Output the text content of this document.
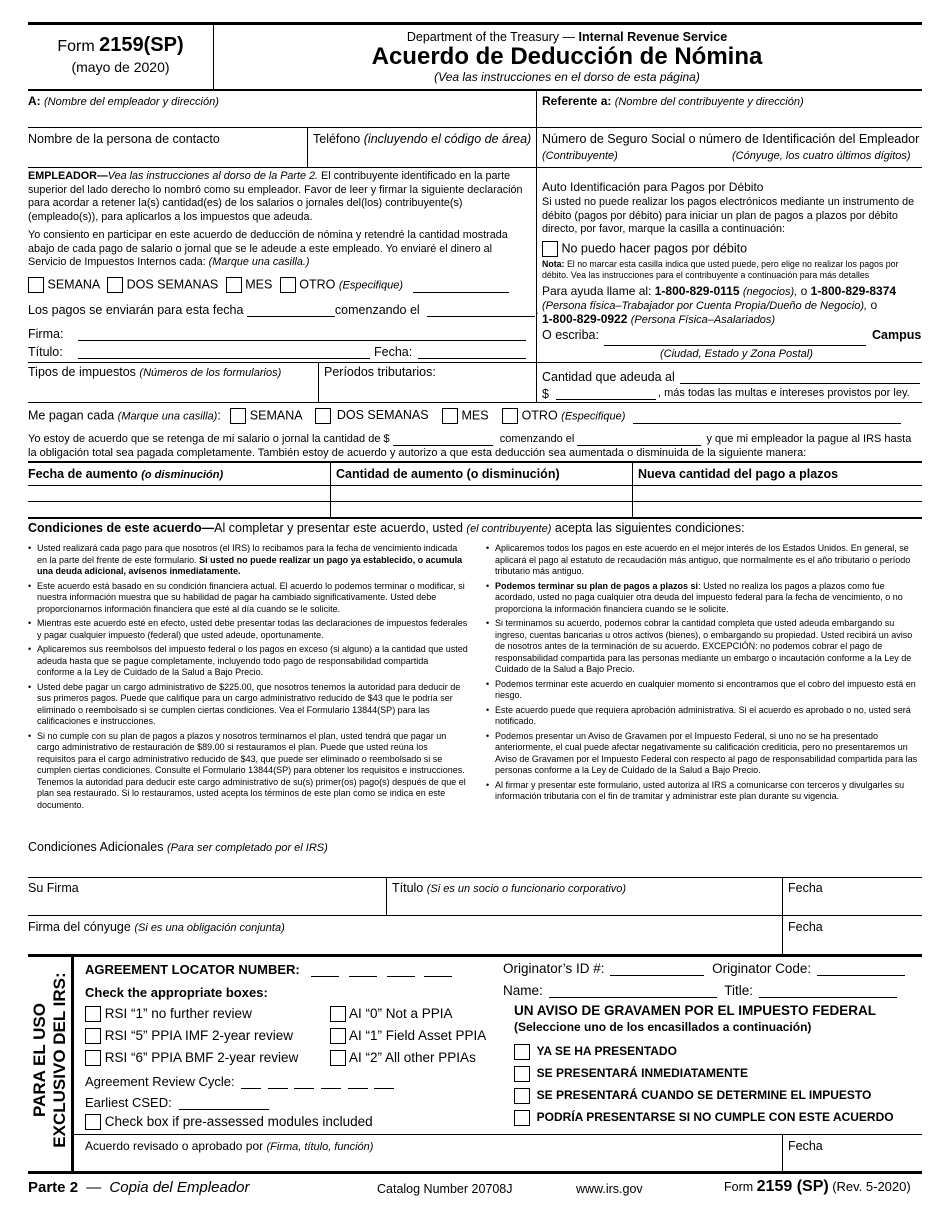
Form 2159(SP)
(mayo de 2020)
Department of the Treasury — Internal Revenue Service
Acuerdo de Deducción de Nómina
(Vea las instrucciones en el dorso de esta página)
A: (Nombre del empleador y dirección)
Nombre de la persona de contacto	Teléfono (incluyendo el código de área)
EMPLEADOR—Vea las instrucciones al dorso de la Parte 2. El contribuyente identificado en la parte superior del lado derecho lo nombró como su empleador. Favor de leer y firmar la siguiente declaración para acordar a retener la(s) cantidad(es) de los salarios o jornales del(los) contribuyente(s) (empleado(s)), para aplicarlos a los impuestos que adeuda.
Yo consiento en participar en este acuerdo de deducción de nómina y retendré la cantidad mostrada abajo de cada pago de salario o jornal que se le adeude a este empleado. Yo enviaré el dinero al Servicio de Impuestos Internos cada: (Marque una casilla.)
SEMANA DOS SEMANAS MES OTRO (Especifique)
Los pagos se enviarán para esta fecha	comenzando el	.
Firma:
Título:	Fecha:
Tipos de impuestos (Números de los formularios)	Períodos tributarios:
Referente a: (Nombre del contribuyente y dirección)
Número de Seguro Social o número de Identificación del Empleador
(Contribuyente)	(Cónyuge, los cuatro últimos dígitos)
Auto Identificación para Pagos por Débito
Si usted no puede realizar los pagos electrónicos mediante un instrumento de débito (pagos por débito) para iniciar un plan de pagos a plazos por débito directo, por favor, marque la casilla a continuación:
No puedo hacer pagos por débito
Nota: El no marcar esta casilla indica que usted puede, pero elige no realizar los pagos por débito. Vea las instrucciones para el contribuyente a continuación para más detalles
Para ayuda llame al: 1-800-829-0115 (negocios), o 1-800-829-8374
(Persona física–Trabajador por Cuenta Propia/Dueño de Negocio), o
1-800-829-0922 (Persona Física–Asalariados)
O escriba:	Campus
(Ciudad, Estado y Zona Postal)
Cantidad que adeuda al
$	, más todas las multas e intereses provistos por ley.
Me pagan cada (Marque una casilla): SEMANA	DOS SEMANAS	MES	OTRO (Especifique)
Yo estoy de acuerdo que se retenga de mi salario o jornal la cantidad de $	comenzando el	y que mi empleador la pague al IRS hasta
la obligación total sea pagada completamente. También estoy de acuerdo y autorizo a que esta deducción sea aumentada o disminuida de la siguiente manera:
Fecha de aumento (o disminución)	Cantidad de aumento (o disminución)	Nueva cantidad del pago a plazos
Condiciones de este acuerdo—Al completar y presentar este acuerdo, usted (el contribuyente) acepta las siguientes condiciones:
• Usted realizará cada pago para que nosotros (el IRS) lo recibamos para la fecha de vencimiento indicada en la parte del frente de este formulario. Si usted no puede realizar un pago ya establecido, o acumula una deuda adicional, avísenos inmediatamente.
• Este acuerdo está basado en su condición financiera actual. El acuerdo lo podemos terminar o modificar, si nuestra información muestra que su habilidad de pagar ha cambiado significativamente. Usted debe proporcionarnos información financiera que esté al día cuando se le solicite.
• Mientras este acuerdo esté en efecto, usted debe presentar todas las declaraciones de impuestos federales y pagar cualquier impuesto (federal) que usted adeude, oportunamente.
• Aplicaremos sus reembolsos del impuesto federal o los pagos en exceso (si alguno) a la cantidad que usted adeuda hasta que se pague completamente, incluyendo todo pago de responsabilidad compartida conforme a la Ley de Cuidado de la Salud a Bajo Precio.
• Usted debe pagar un cargo administrativo de $225.00, que nosotros tenemos la autoridad para deducir de sus primeros pagos. Puede que califique para un cargo administrativo reducido de $43 que le podría ser eliminado o reembolsado si se cumplen ciertas condiciones. Vea el Formulario 13844(SP) para las calificaciones e instrucciones.
• Si no cumple con su plan de pagos a plazos y nosotros terminamos el plan, usted tendrá que pagar un cargo administrativo de restauración de $89.00 si restauramos el plan. Puede que usted reúna los requisitos para el cargo administrativo reducido de $43, que puede ser eliminado o reembolsado si se cumplen ciertas condiciones. Consulte el Formulario 13844(SP) para obtener los requisitos e instrucciones. Tenemos la autoridad para deducir este cargo administrativo de su(s) primer(os) pago(s) después de que el plan sea restaurado. Si lo restauramos, usted acepta los términos de este plan como se indica en este documento.
• Aplicaremos todos los pagos en este acuerdo en el mejor interés de los Estados Unidos. En general, se aplicará el pago al estatuto de recaudación más antiguo, que normalmente es el año tributario o período tributario más antiguo.
• Podemos terminar su plan de pagos a plazos si: Usted no realiza los pagos a plazos como fue acordado, usted no paga cualquier otra deuda del impuesto federal para la fecha de vencimiento, o no proporciona la información financiera cuando se le solicite.
• Si terminamos su acuerdo, podemos cobrar la cantidad completa que usted adeuda embargando su ingreso, cuentas bancarias u otros activos (bienes), o embargando su propiedad. Usted recibirá un aviso de nosotros antes de la terminación de su acuerdo. EXCEPCIÓN: no podemos cobrar el pago de responsabilidad compartida para las personas mediante un embargo o incautación conforme a la Ley de Cuidado de la Salud a Bajo Precio.
• Podemos terminar este acuerdo en cualquier momento si encontramos que el cobro del impuesto está en riesgo.
• Este acuerdo puede que requiera aprobación administrativa. Si el acuerdo es aprobado o no, usted será notificado.
• Podemos presentar un Aviso de Gravamen por el Impuesto Federal, si uno no se ha presentado anteriormente, el cual puede afectar negativamente su calificación crediticia, pero no presentaremos un Aviso de Gravamen por el Impuesto Federal con respecto al pago de responsabilidad compartida para las personas conforme a la Ley de Cuidado de la Salud a Bajo Precio.
• Al firmar y presentar este formulario, usted autoriza al IRS a comunicarse con terceros y divulgarles su información tributaria con el fin de tramitar y administrar este plan durante su vigencia.
Condiciones Adicionales (Para ser completado por el IRS)
Su Firma	Título (Si es un socio o funcionario corporativo)	Fecha
Firma del cónyuge (Si es una obligación conjunta)	Fecha
PARA EL USO EXCLUSIVO DEL IRS:
AGREEMENT LOCATOR NUMBER:
Check the appropriate boxes:
RSI “1” no further review
RSI “5” PPIA IMF 2-year review
RSI “6” PPIA BMF 2-year review
AI “0” Not a PPIA
AI “1” Field Asset PPIA
AI “2” All other PPIAs
Agreement Review Cycle:
Earliest CSED:
Check box if pre-assessed modules included
Originator’s ID #:	Originator Code:
Name:	Title:
UN AVISO DE GRAVAMEN POR EL IMPUESTO FEDERAL
(Seleccione uno de los encasillados a continuación)
YA SE HA PRESENTADO
SE PRESENTARÁ INMEDIATAMENTE
SE PRESENTARÁ CUANDO SE DETERMINE EL IMPUESTO
PODRÍA PRESENTARSE SI NO CUMPLE CON ESTE ACUERDO
Acuerdo revisado o aprobado por (Firma, título, función)	Fecha
Parte 2 — Copia del Empleador	Catalog Number 20708J	www.irs.gov	Form 2159 (SP) (Rev. 5-2020)
